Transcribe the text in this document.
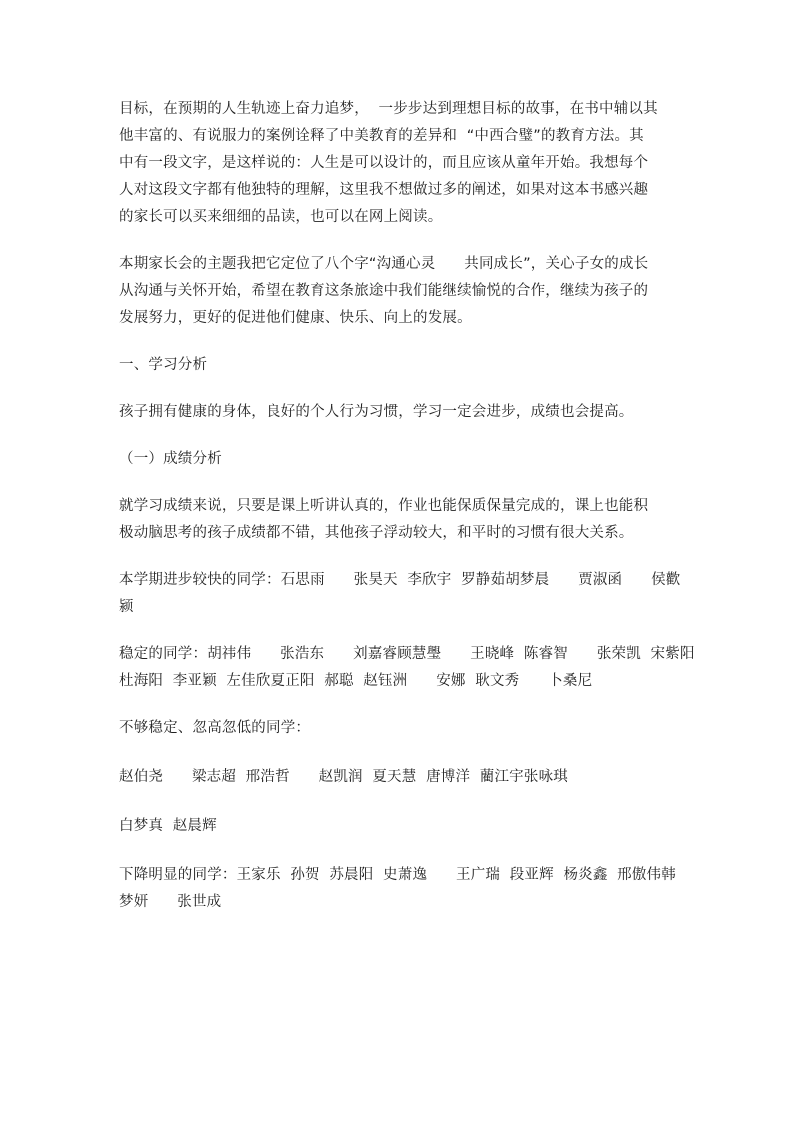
目标，在预期的人生轨迹上奋力追梦，  一步步达到理想目标的故事，在书中辅以其
他丰富的、有说服力的案例诠释了中美教育的差异和  “中西合璧”的教育方法。其
中有一段文字，是这样说的：人生是可以设计的，而且应该从童年开始。我想每个
人对这段文字都有他独特的理解，这里我不想做过多的阐述，如果对这本书感兴趣
的家长可以买来细细的品读，也可以在网上阅读。
本期家长会的主题我把它定位了八个字“沟通心灵      共同成长”，关心子女的成长
从沟通与关怀开始，希望在教育这条旅途中我们能继续愉悦的合作，继续为孩子的
发展努力，更好的促进他们健康、快乐、向上的发展。
一、学习分析
孩子拥有健康的身体，良好的个人行为习惯，学习一定会进步，成绩也会提高。
（一）成绩分析
就学习成绩来说，只要是课上听讲认真的，作业也能保质保量完成的，课上也能积
极动脑思考的孩子成绩都不错，其他孩子浮动较大，和平时的习惯有很大关系。
本学期进步较快的同学：石思雨      张昊天  李欣宇  罗静茹胡梦晨      贾淑函      侯歡
颍
稳定的同学：胡祎伟      张浩东      刘嘉睿顾慧璺      王晓峰  陈睿智      张荣凯  宋紫阳
杜海阳  李亚颖  左佳欣夏正阳  郝聪  赵钰洲      安娜  耿文秀      卜桑尼
不够稳定、忽高忽低的同学：
赵伯尧      梁志超  邢浩哲      赵凯润  夏天慧  唐博洋  藺江宇张咏琪
白梦真  赵晨辉
下降明显的同学：王家乐  孙贺  苏晨阳  史萧逸      王广瑞  段亚辉  杨炎鑫  邢傲伟韩
梦妍      张世成
